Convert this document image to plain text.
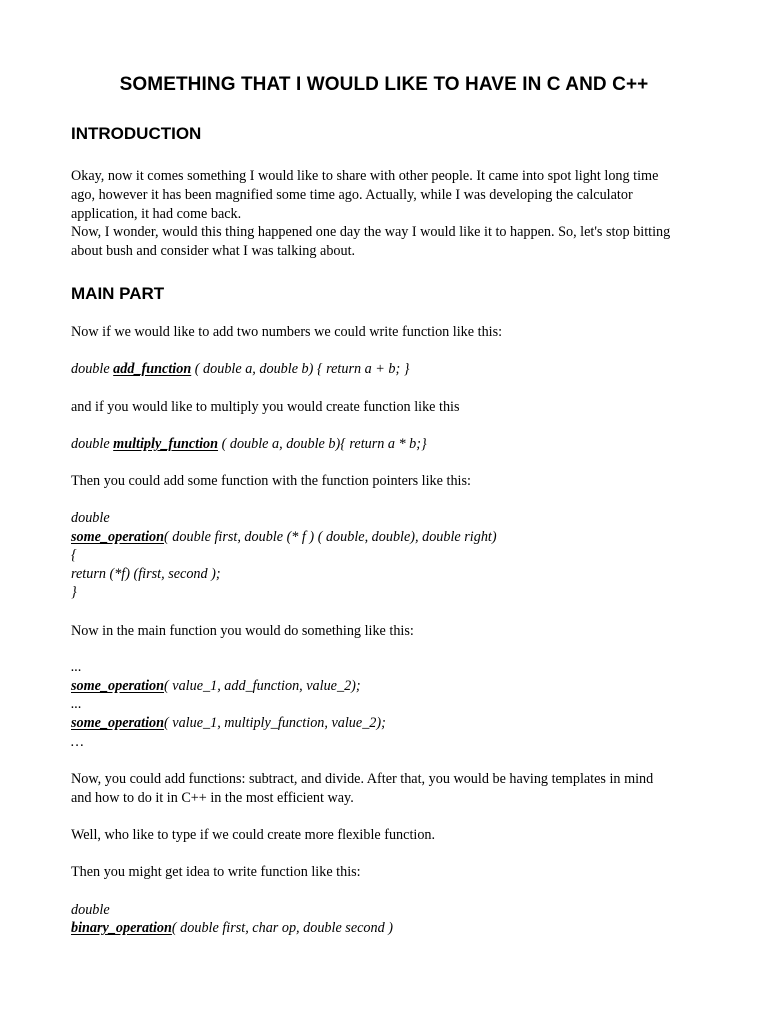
SOMETHING THAT I WOULD LIKE TO HAVE IN C AND C++
INTRODUCTION

Okay, now it comes something I would like to share with other people. It came into spot light long time

ago, however it has been magnified some time ago. Actually, while I was developing the calculator

application, it had come back.

Now, I wonder, would this thing happened one day the way I would like it to happen. So, let's stop bitting

about bush and consider what I was talking about.

MAIN PART

Now if we would like to add two numbers we could write function like this:

double add_function ( double a, double b) { return a + b; }

and if you would like to multiply you would create function like this

double multiply_function ( double a, double b){ return a * b;}

Then you could add some function with the function pointers like this:

double

some_operation( double first, double (* f ) ( double, double), double right)

{

return (*f) (first, second );

}

Now in the main function you would do something like this:

...

some_operation( value_1, add_function, value_2);

...

some_operation( value_1, multiply_function, value_2);

…

Now, you could add functions: subtract, and divide. After that, you would be having templates in mind

and how to do it in C++ in the most efficient way.

Well, who like to type if we could create more flexible function.

Then you might get idea to write function like this:

double

binary_operation( double first, char op, double second )
